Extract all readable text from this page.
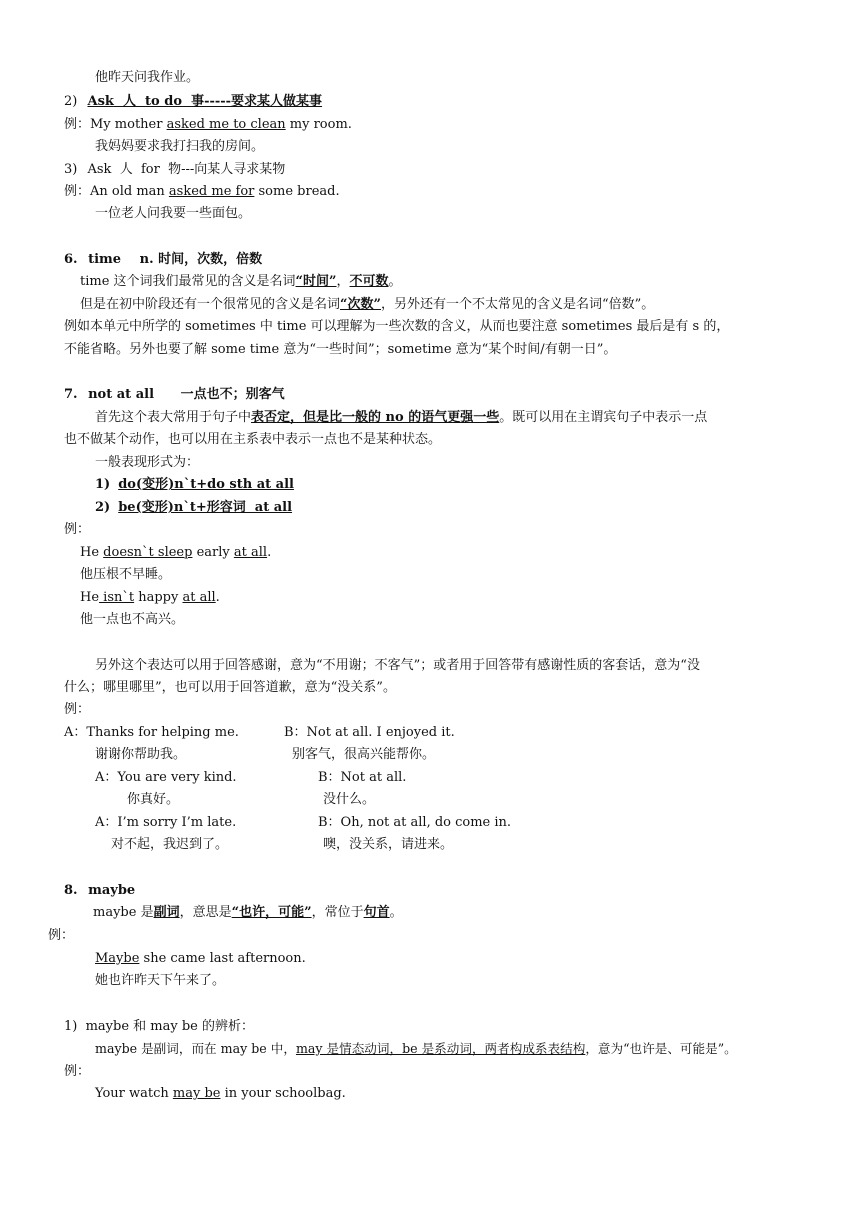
他昨天问我作业。
2) Ask 人 to do 事-----要求某人做某事
例：My mother asked me to clean my room.
我妈妈要求我打扫我的房间。
3) Ask 人 for 物---向某人寻求某物
例：An old man asked me for some bread.
一位老人问我要一些面包。
6. time n. 时间，次数，倍数
time 这个词我们最常见的含义是名词“时间”，不可数。
但是在初中阶段还有一个很常见的含义是名词“次数”，另外还有一个不太常见的含义是名词“倍数”。
例如本单元中所学的 sometimes 中 time 可以理解为一些次数的含义，从而也要注意 sometimes 最后是有 s 的，
不能省略。另外也要了解 some time 意为“一些时间”；sometime 意为“某个时间/有朝一日”。
7. not at all 一点也不；别客气
首先这个表大常用于句子中表否定，但是比一般的 no 的语气更强一些。既可以用在主谓宾句子中表示一点
也不做某个动作，也可以用在主系表中表示一点也不是某种状态。
一般表现形式为：
1) do(变形)n`t+do sth at all
2) be(变形)n`t+形容词  at all
例：
He doesn`t sleep early at all.
他压根不早睡。
He isn`t happy at all.
他一点也不高兴。
另外这个表达可以用于回答感谢，意为“不用谢；不客气”；或者用于回答带有感谢性质的客套话，意为“没
什么；哪里哪里”，也可以用于回答道歉，意为“没关系”。
例：
A：Thanks for helping me.	B：Not at all. I enjoyed it.
谢谢你帮助我。	别客气，很高兴能帮你。
A：You are very kind.	B：Not at all.
你真好。	没什么。
A：I’m sorry I’m late.	B：Oh, not at all, do come in.
对不起，我迟到了。	噢，没关系，请进来。
8. maybe
maybe 是副词，意思是“也许，可能”，常位于句首。
例：
Maybe she came last afternoon.
她也许昨天下午来了。
1)  maybe 和 may be 的辨析：
maybe 是副词，而在 may be 中，may 是情态动词，be 是系动词，两者构成系表结构，意为“也许是、可能是”。
例：
Your watch may be in your schoolbag.
